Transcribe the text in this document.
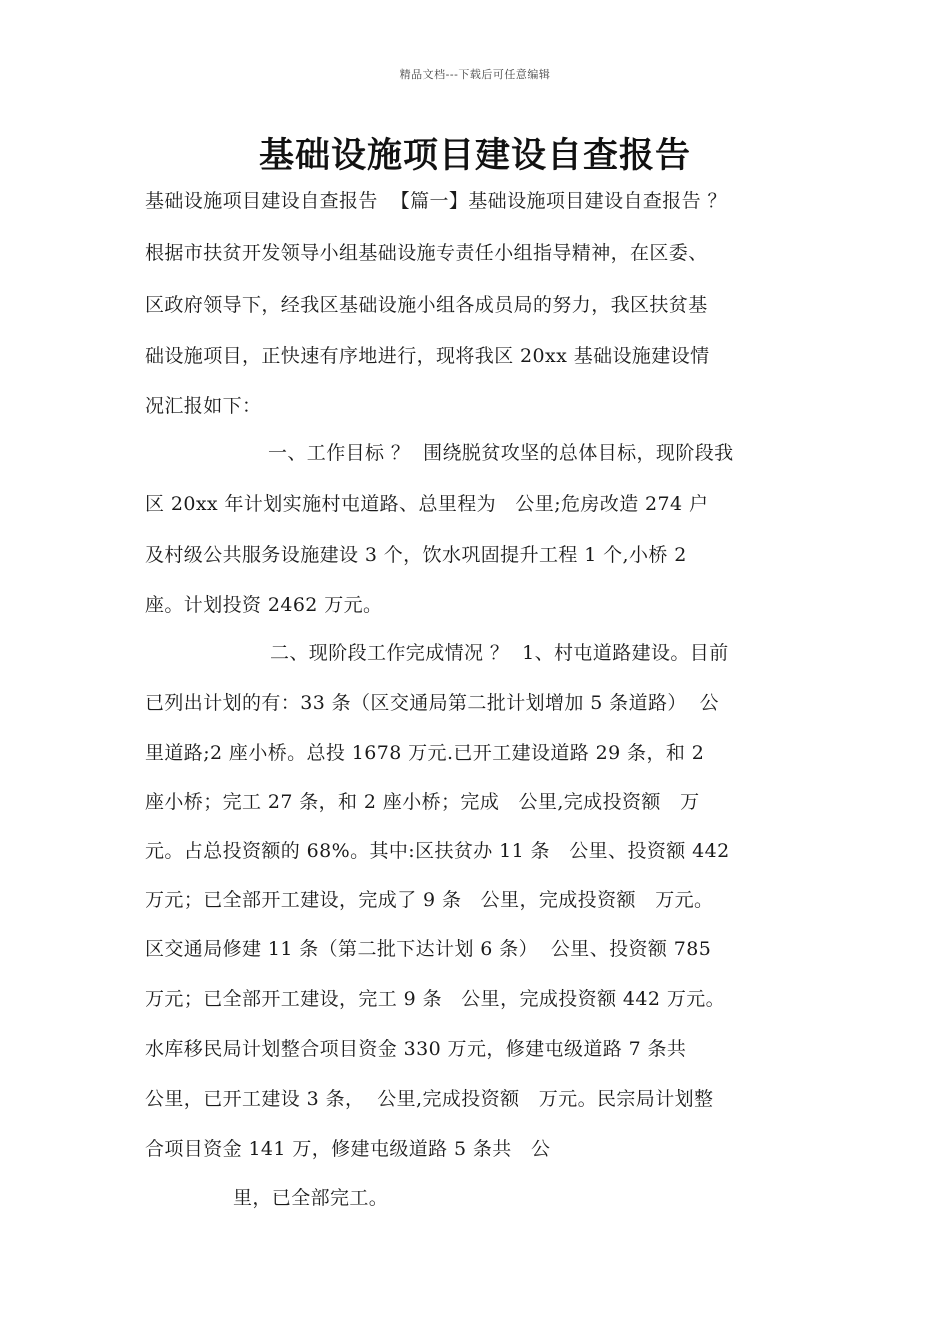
精品文档---下载后可任意编辑
基础设施项目建设自查报告
基础设施项目建设自查报告  【篇一】基础设施项目建设自查报告 ？
根据市扶贫开发领导小组基础设施专责任小组指导精神，在区委、
区政府领导下，经我区基础设施小组各成员局的努力，我区扶贫基
础设施项目，正快速有序地进行，现将我区 20xx 基础设施建设情
况汇报如下：
一、工作目标 ？  围绕脱贫攻坚的总体目标，现阶段我
区 20xx 年计划实施村屯道路、总里程为   公里;危房改造 274 户
及村级公共服务设施建设 3 个，饮水巩固提升工程 1 个,小桥 2
座。计划投资 2462 万元。
二、现阶段工作完成情况 ？  1、村屯道路建设。目前
已列出计划的有：33 条（区交通局第二批计划增加 5 条道路）  公
里道路;2 座小桥。总投 1678 万元.已开工建设道路 29 条，和 2
座小桥；完工 27 条，和 2 座小桥；完成   公里,完成投资额   万
元。占总投资额的 68%。其中:区扶贫办 11 条   公里、投资额 442
万元；已全部开工建设，完成了 9 条   公里，完成投资额   万元。
区交通局修建 11 条（第二批下达计划 6 条）  公里、投资额 785
万元；已全部开工建设，完工 9 条   公里，完成投资额 442 万元。
水库移民局计划整合项目资金 330 万元，修建屯级道路 7 条共
公里，已开工建设 3 条，  公里,完成投资额   万元。民宗局计划整
合项目资金 141 万，修建屯级道路 5 条共   公
里，已全部完工。
